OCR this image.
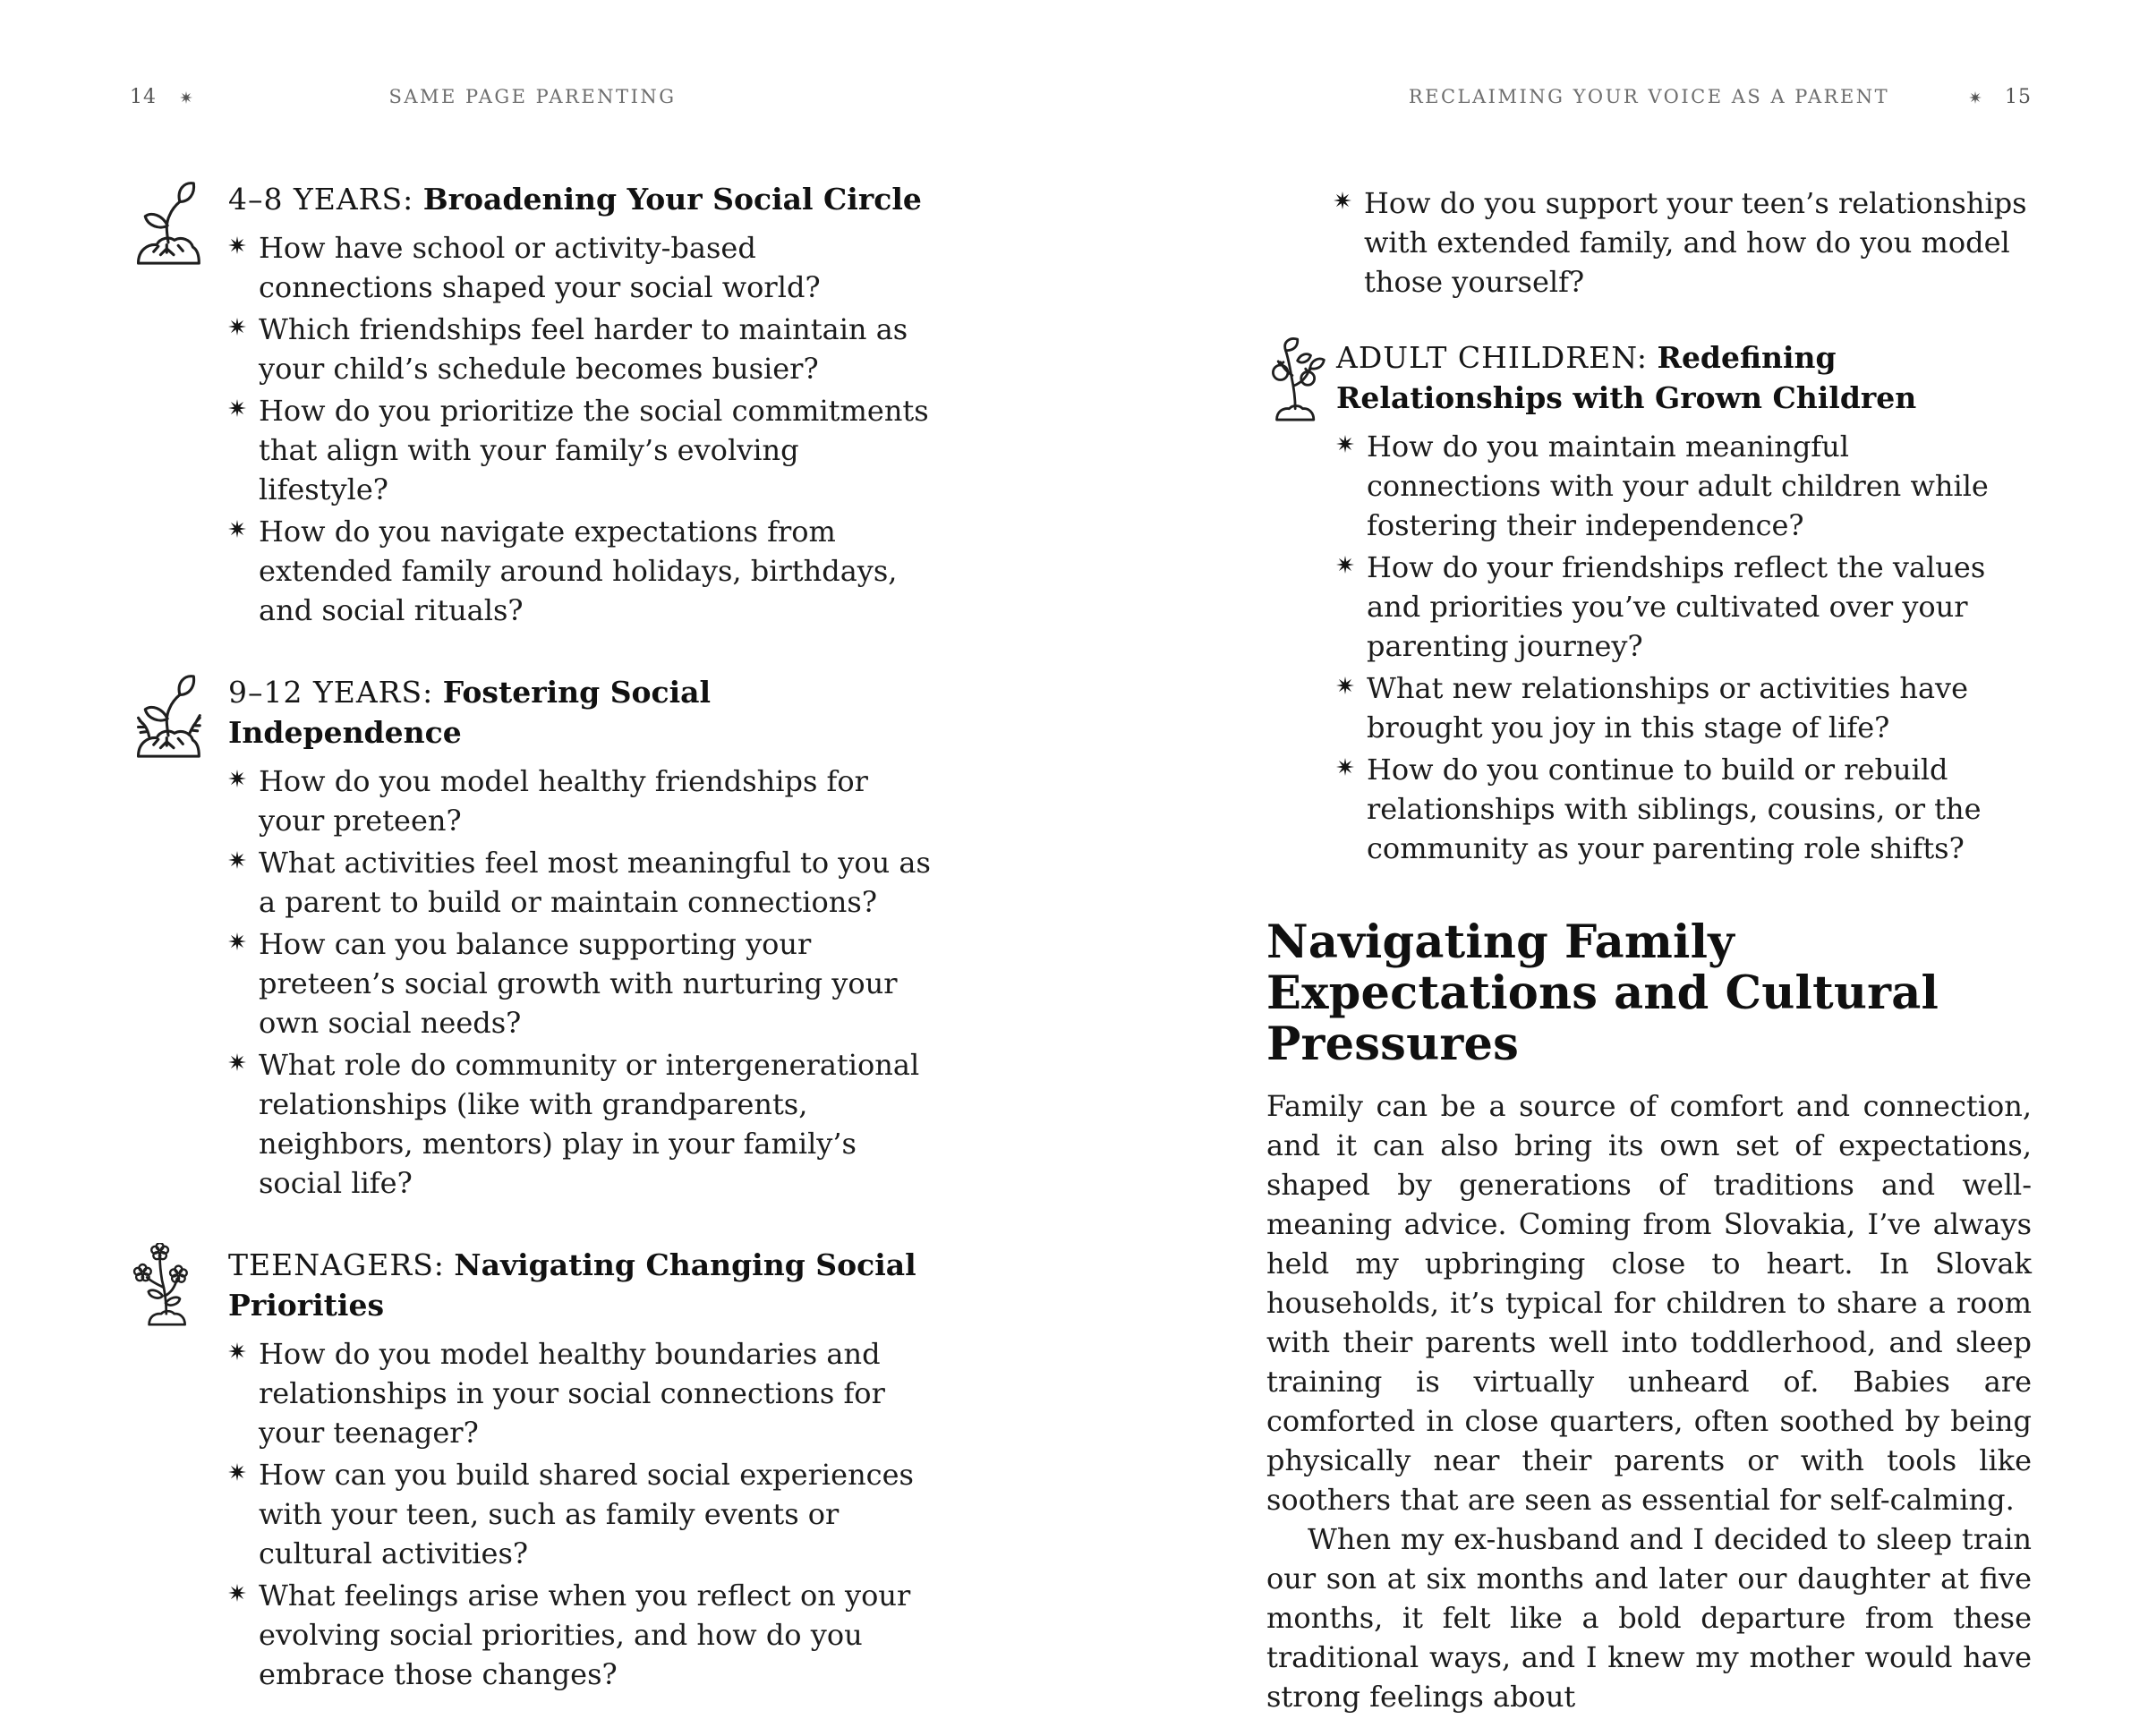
14	SAME PAGE PARENTING	RECLAIMING YOUR VOICE AS A PARENT	15
4–8 YEARS: Broadening Your Social Circle
How have school or activity-based connections shaped your social world?
Which friendships feel harder to maintain as your child’s schedule becomes busier?
How do you prioritize the social commitments that align with your family’s evolving lifestyle?
How do you navigate expectations from extended family around holidays, birthdays, and social rituals?
9–12 YEARS: Fostering Social Independence
How do you model healthy friendships for your preteen?
What activities feel most meaningful to you as a parent to build or maintain connections?
How can you balance supporting your preteen’s social growth with nurturing your own social needs?
What role do community or intergenerational relationships (like with grandparents, neighbors, mentors) play in your family’s social life?
TEENAGERS: Navigating Changing Social Priorities
How do you model healthy boundaries and relationships in your social connections for your teenager?
How can you build shared social experiences with your teen, such as family events or cultural activities?
What feelings arise when you reflect on your evolving social priorities, and how do you embrace those changes?
How do you support your teen’s relationships with extended family, and how do you model those yourself?
ADULT CHILDREN: Redefining Relationships with Grown Children
How do you maintain meaningful connections with your adult children while fostering their independence?
How do your friendships reflect the values and priorities you’ve cultivated over your parenting journey?
What new relationships or activities have brought you joy in this stage of life?
How do you continue to build or rebuild relationships with siblings, cousins, or the community as your parenting role shifts?
Navigating Family Expectations and Cultural Pressures

Family can be a source of comfort and connection, and it can also bring its own set of expectations, shaped by generations of traditions and well-meaning advice. Coming from Slovakia, I’ve always held my upbringing close to heart. In Slovak households, it’s typical for children to share a room with their parents well into toddlerhood, and sleep training is virtually unheard of. Babies are comforted in close quarters, often soothed by being physically near their parents or with tools like soothers that are seen as essential for self-calming.

When my ex-husband and I decided to sleep train our son at six months and later our daughter at five months, it felt like a bold departure from these traditional ways, and I knew my mother would have strong feelings about
